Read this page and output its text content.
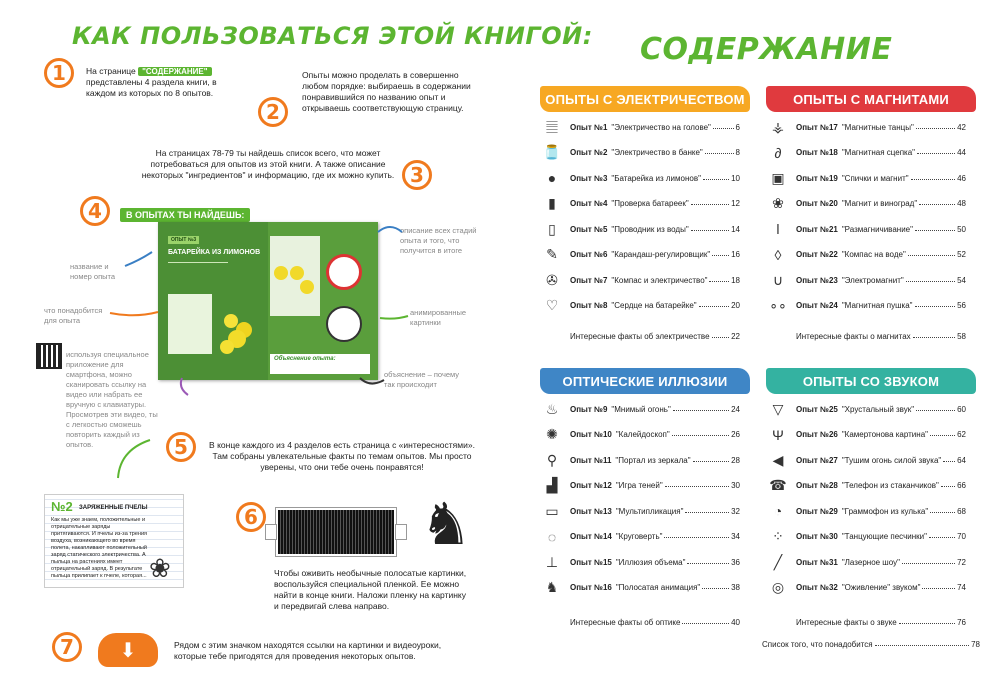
КАК ПОЛЬЗОВАТЬСЯ ЭТОЙ КНИГОЙ:
1	На странице "СОДЕРЖАНИЕ"
представлены 4 раздела книги, в каждом из которых по 8 опытов.
2
Опыты можно проделать в совершенно любом порядке: выбираешь в содержании понравившийся по названию опыт и открываешь соответствующую страницу.
На страницах 78-79 ты найдешь список всего, что может потребоваться для опытов из этой книги. А также описание некоторых "ингредиентов" и информацию, где их можно купить. 3
4	В ОПЫТАХ ТЫ НАЙДЕШЬ:
ОПЫТ №3
БАТАРЕЙКА ИЗ ЛИМОНОВ
Объяснение опыта:
название и номер опыта
что понадобится для опыта
используя специальное приложение для смартфона, можно сканировать ссылку на видео или набрать ее вручную с клавиатуры. Просмотрев эти видео, ты с легкостью сможешь повторить каждый из опытов.
описание всех стадий опыта и того, что получится в итоге
анимированные картинки
объяснение – почему так происходит
5	В конце каждого из 4 разделов есть страница с «интересностями». Там собраны увлекательные факты по темам опытов. Мы просто уверены, что они тебе очень понравятся!
№2 ЗАРЯЖЕННЫЕ ПЧЕЛЫ
Как мы уже знаем, положительные и отрицательные заряды притягиваются. И пчелы из-за трения воздуха, возникающего во время полета, накапливают положительный заряд статического электричества. А пыльца на растениях имеет отрицательный заряд. В результате пыльца прилипает к пчеле, которая... ❀
6	♞
Чтобы оживить необычные полосатые картинки, воспользуйся специальной пленкой. Ее можно найти в конце книги. Наложи пленку на картинку и передвигай слева направо.
7	⬇	Рядом с этим значком находятся ссылки на картинки и видеоуроки, которые тебе пригодятся для проведения некоторых опытов.
СОДЕРЖАНИЕ
ОПЫТЫ С ЭЛЕКТРИЧЕСТВОМ
𝄚	Опыт №1 "Электричество на голове"	6
🫙	Опыт №2 "Электричество в банке"	8
●	Опыт №3 "Батарейка из лимонов"	10
▮	Опыт №4 "Проверка батареек"	12
▯	Опыт №5 "Проводник из воды"	14
✎	Опыт №6 "Карандаш-регулировщик"	16
✇	Опыт №7 "Компас и электричество"	18
♡	Опыт №8 "Сердце на батарейке"	20
Интересные факты об электричестве	22
ОПЫТЫ С МАГНИТАМИ
⚶	Опыт №17 "Магнитные танцы"	42
∂	Опыт №18 "Магнитная сцепка"	44
▣	Опыт №19 "Спички и магнит"	46
❀	Опыт №20 "Магнит и виноград"	48
ǀ	Опыт №21 "Размагничивание"	50
◊	Опыт №22 "Компас на воде"	52
∪	Опыт №23 "Электромагнит"	54
∘∘	Опыт №24 "Магнитная пушка"	56
Интересные факты о магнитах	58
ОПТИЧЕСКИЕ ИЛЛЮЗИИ
♨	Опыт №9 "Мнимый огонь"	24
✺	Опыт №10 "Калейдоскоп"	26
⚲	Опыт №11 "Портал из зеркала"	28
▟	Опыт №12 "Игра теней"	30
▭	Опыт №13 "Мультипликация"	32
◌	Опыт №14 "Круговерть"	34
⊥	Опыт №15 "Иллюзия объема"	36
♞	Опыт №16 "Полосатая анимация"	38
Интересные факты об оптике	40
ОПЫТЫ СО ЗВУКОМ
▽	Опыт №25 "Хрустальный звук"	60
Ψ	Опыт №26 "Камертонова картина"	62
◀	Опыт №27 "Тушим огонь силой звука" 64
☎	Опыт №28 "Телефон из стаканчиков" 66
◔	Опыт №29 "Граммофон из кулька"	68
⁘	Опыт №30 "Танцующие песчинки"	70
╱	Опыт №31 "Лазерное шоу"	72
◎	Опыт №32 "Оживление" звуком"	74
Интересные факты о звуке	76
Список того, что понадобится	78
